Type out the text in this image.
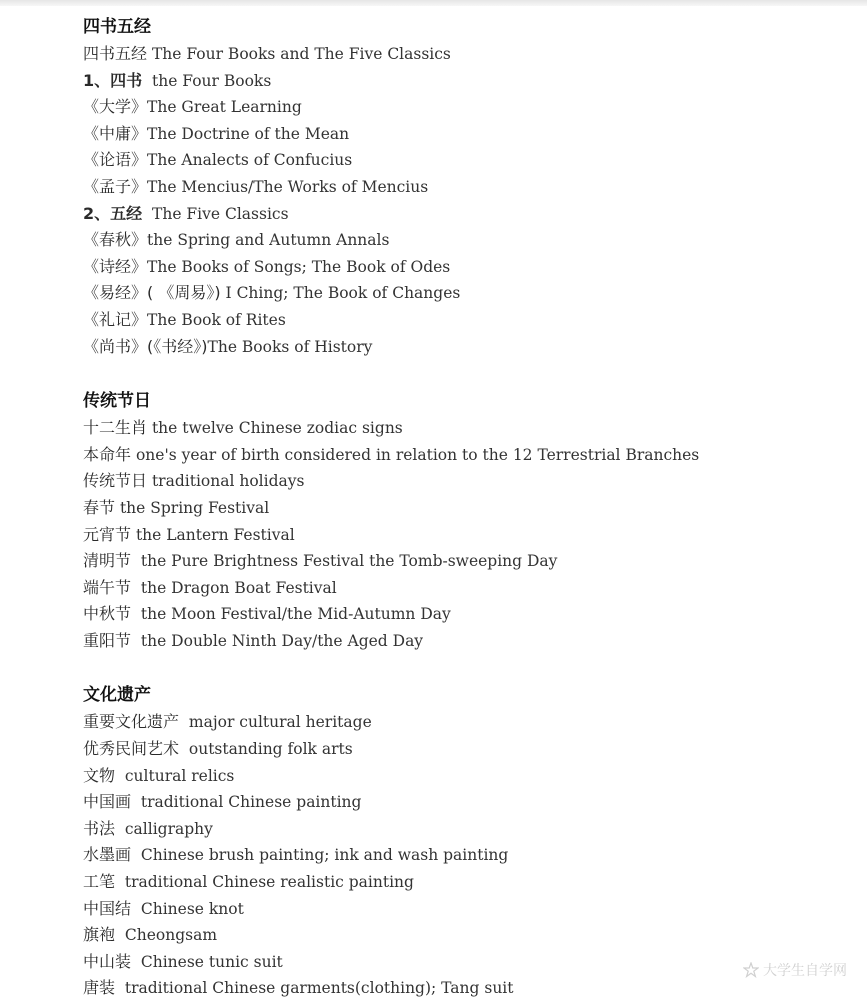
四书五经
四书五经 The Four Books and The Five Classics
1、四书 the Four Books
《大学》The Great Learning
《中庸》The Doctrine of the Mean
《论语》The Analects of Confucius
《孟子》The Mencius/The Works of Mencius
2、五经 The Five Classics
《春秋》the Spring and Autumn Annals
《诗经》The Books of Songs; The Book of Odes
《易经》( 《周易》) I Ching; The Book of Changes
《礼记》The Book of Rites
《尚书》(《书经》)The Books of History
传统节日
十二生肖 the twelve Chinese zodiac signs
本命年 one's year of birth considered in relation to the 12 Terrestrial Branches
传统节日 traditional holidays
春节 the Spring Festival
元宵节 the Lantern Festival
清明节 the Pure Brightness Festival the Tomb-sweeping Day
端午节 the Dragon Boat Festival
中秋节 the Moon Festival/the Mid-Autumn Day
重阳节 the Double Ninth Day/the Aged Day
文化遗产
重要文化遗产 major cultural heritage
优秀民间艺术 outstanding folk arts
文物 cultural relics
中国画 traditional Chinese painting
书法 calligraphy
水墨画 Chinese brush painting; ink and wash painting
工笔 traditional Chinese realistic painting
中国结 Chinese knot
旗袍 Cheongsam
中山装 Chinese tunic suit
唐装 traditional Chinese garments(clothing); Tang suit
大学生自学网
